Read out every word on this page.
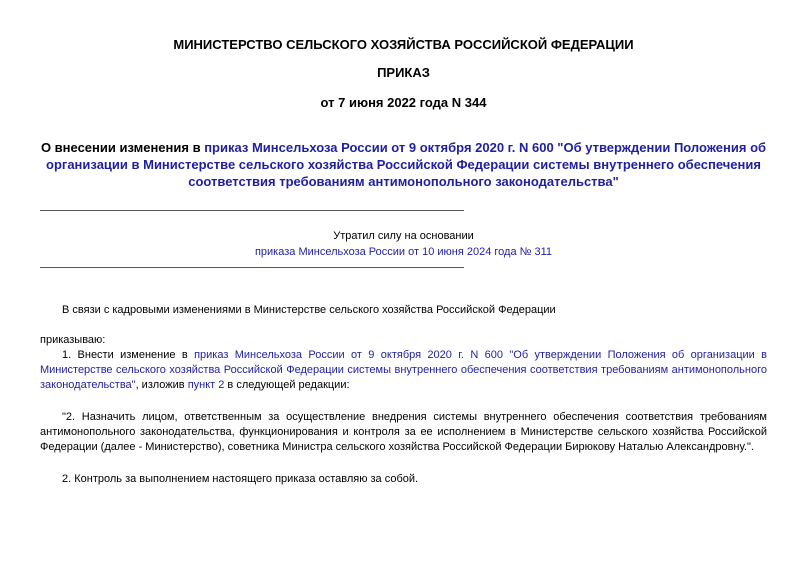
МИНИСТЕРСТВО СЕЛЬСКОГО ХОЗЯЙСТВА РОССИЙСКОЙ ФЕДЕРАЦИИ
ПРИКАЗ
от 7 июня 2022 года N 344
О внесении изменения в приказ Минсельхоза России от 9 октября 2020 г. N 600 "Об утверждении Положения об организации в Министерстве сельского хозяйства Российской Федерации системы внутреннего обеспечения соответствия требованиям антимонопольного законодательства"
Утратил силу на основании
приказа Минсельхоза России от 10 июня 2024 года № 311
В связи с кадровыми изменениями в Министерстве сельского хозяйства Российской Федерации
приказываю:
1. Внести изменение в приказ Минсельхоза России от 9 октября 2020 г. N 600 "Об утверждении Положения об организации в Министерстве сельского хозяйства Российской Федерации системы внутреннего обеспечения соответствия требованиям антимонопольного законодательства", изложив пункт 2 в следующей редакции:
"2. Назначить лицом, ответственным за осуществление внедрения системы внутреннего обеспечения соответствия требованиям антимонопольного законодательства, функционирования и контроля за ее исполнением в Министерстве сельского хозяйства Российской Федерации (далее - Министерство), советника Министра сельского хозяйства Российской Федерации Бирюкову Наталью Александровну.".
2. Контроль за выполнением настоящего приказа оставляю за собой.
